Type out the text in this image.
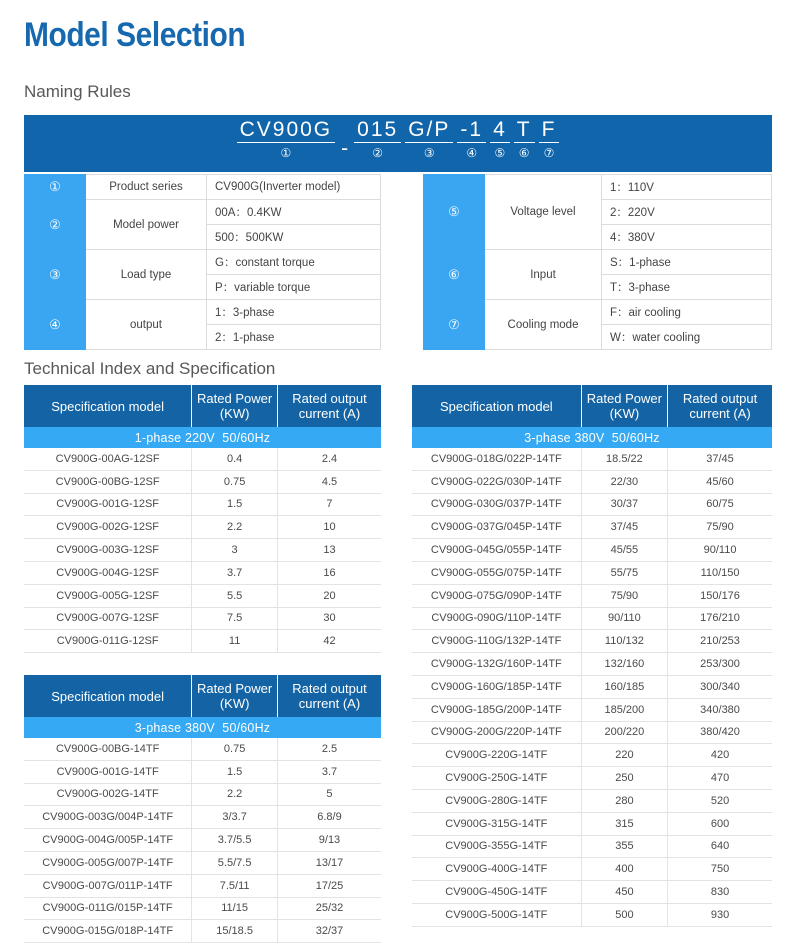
Model Selection
Naming Rules
CV900G
① -
015
②
G/P
③
-1
④
4
⑤
T
⑥
F
⑦
①	Product series	CV900G(Inverter model)
②	Model power	00A：0.4KW
		500：500KW
③	Load type	G：constant torque
		P：variable torque
④	output	1：3-phase
		2：1-phase
⑤	Voltage level	1：110V
		2：220V
		4：380V
⑥	Input	S：1-phase
		T：3-phase
⑦	Cooling mode	F：air cooling
		W：water cooling
Technical Index and Specification
Specification model	Rated Power
(KW)

Rated output
current (A)

1-phase 220V  50/60Hz		
CV900G-00AG-12SF	0.4	2.4
CV900G-00BG-12SF	0.75	4.5
CV900G-001G-12SF	1.5	7
CV900G-002G-12SF	2.2	10
CV900G-003G-12SF	3	13
CV900G-004G-12SF	3.7	16
CV900G-005G-12SF	5.5	20
CV900G-007G-12SF	7.5	30
CV900G-011G-12SF	11	42
Specification model	Rated Power
(KW)

Rated output
current (A)

3-phase 380V  50/60Hz		
CV900G-00BG-14TF	0.75	2.5
CV900G-001G-14TF	1.5	3.7
CV900G-002G-14TF	2.2	5
CV900G-003G/004P-14TF	3/3.7	6.8/9
CV900G-004G/005P-14TF	3.7/5.5	9/13
CV900G-005G/007P-14TF	5.5/7.5	13/17
CV900G-007G/011P-14TF	7.5/11	17/25
CV900G-011G/015P-14TF	11/15	25/32
CV900G-015G/018P-14TF	15/18.5	32/37
Specification model	Rated Power
(KW)

Rated output
current (A)

3-phase 380V  50/60Hz		
CV900G-018G/022P-14TF	18.5/22	37/45
CV900G-022G/030P-14TF	22/30	45/60
CV900G-030G/037P-14TF	30/37	60/75
CV900G-037G/045P-14TF	37/45	75/90
CV900G-045G/055P-14TF	45/55	90/110
CV900G-055G/075P-14TF	55/75	110/150
CV900G-075G/090P-14TF	75/90	150/176
CV900G-090G/110P-14TF	90/110	176/210
CV900G-110G/132P-14TF	110/132	210/253
CV900G-132G/160P-14TF	132/160	253/300
CV900G-160G/185P-14TF	160/185	300/340
CV900G-185G/200P-14TF	185/200	340/380
CV900G-200G/220P-14TF	200/220	380/420
CV900G-220G-14TF	220	420
CV900G-250G-14TF	250	470
CV900G-280G-14TF	280	520
CV900G-315G-14TF	315	600
CV900G-355G-14TF	355	640
CV900G-400G-14TF	400	750
CV900G-450G-14TF	450	830
CV900G-500G-14TF	500	930
